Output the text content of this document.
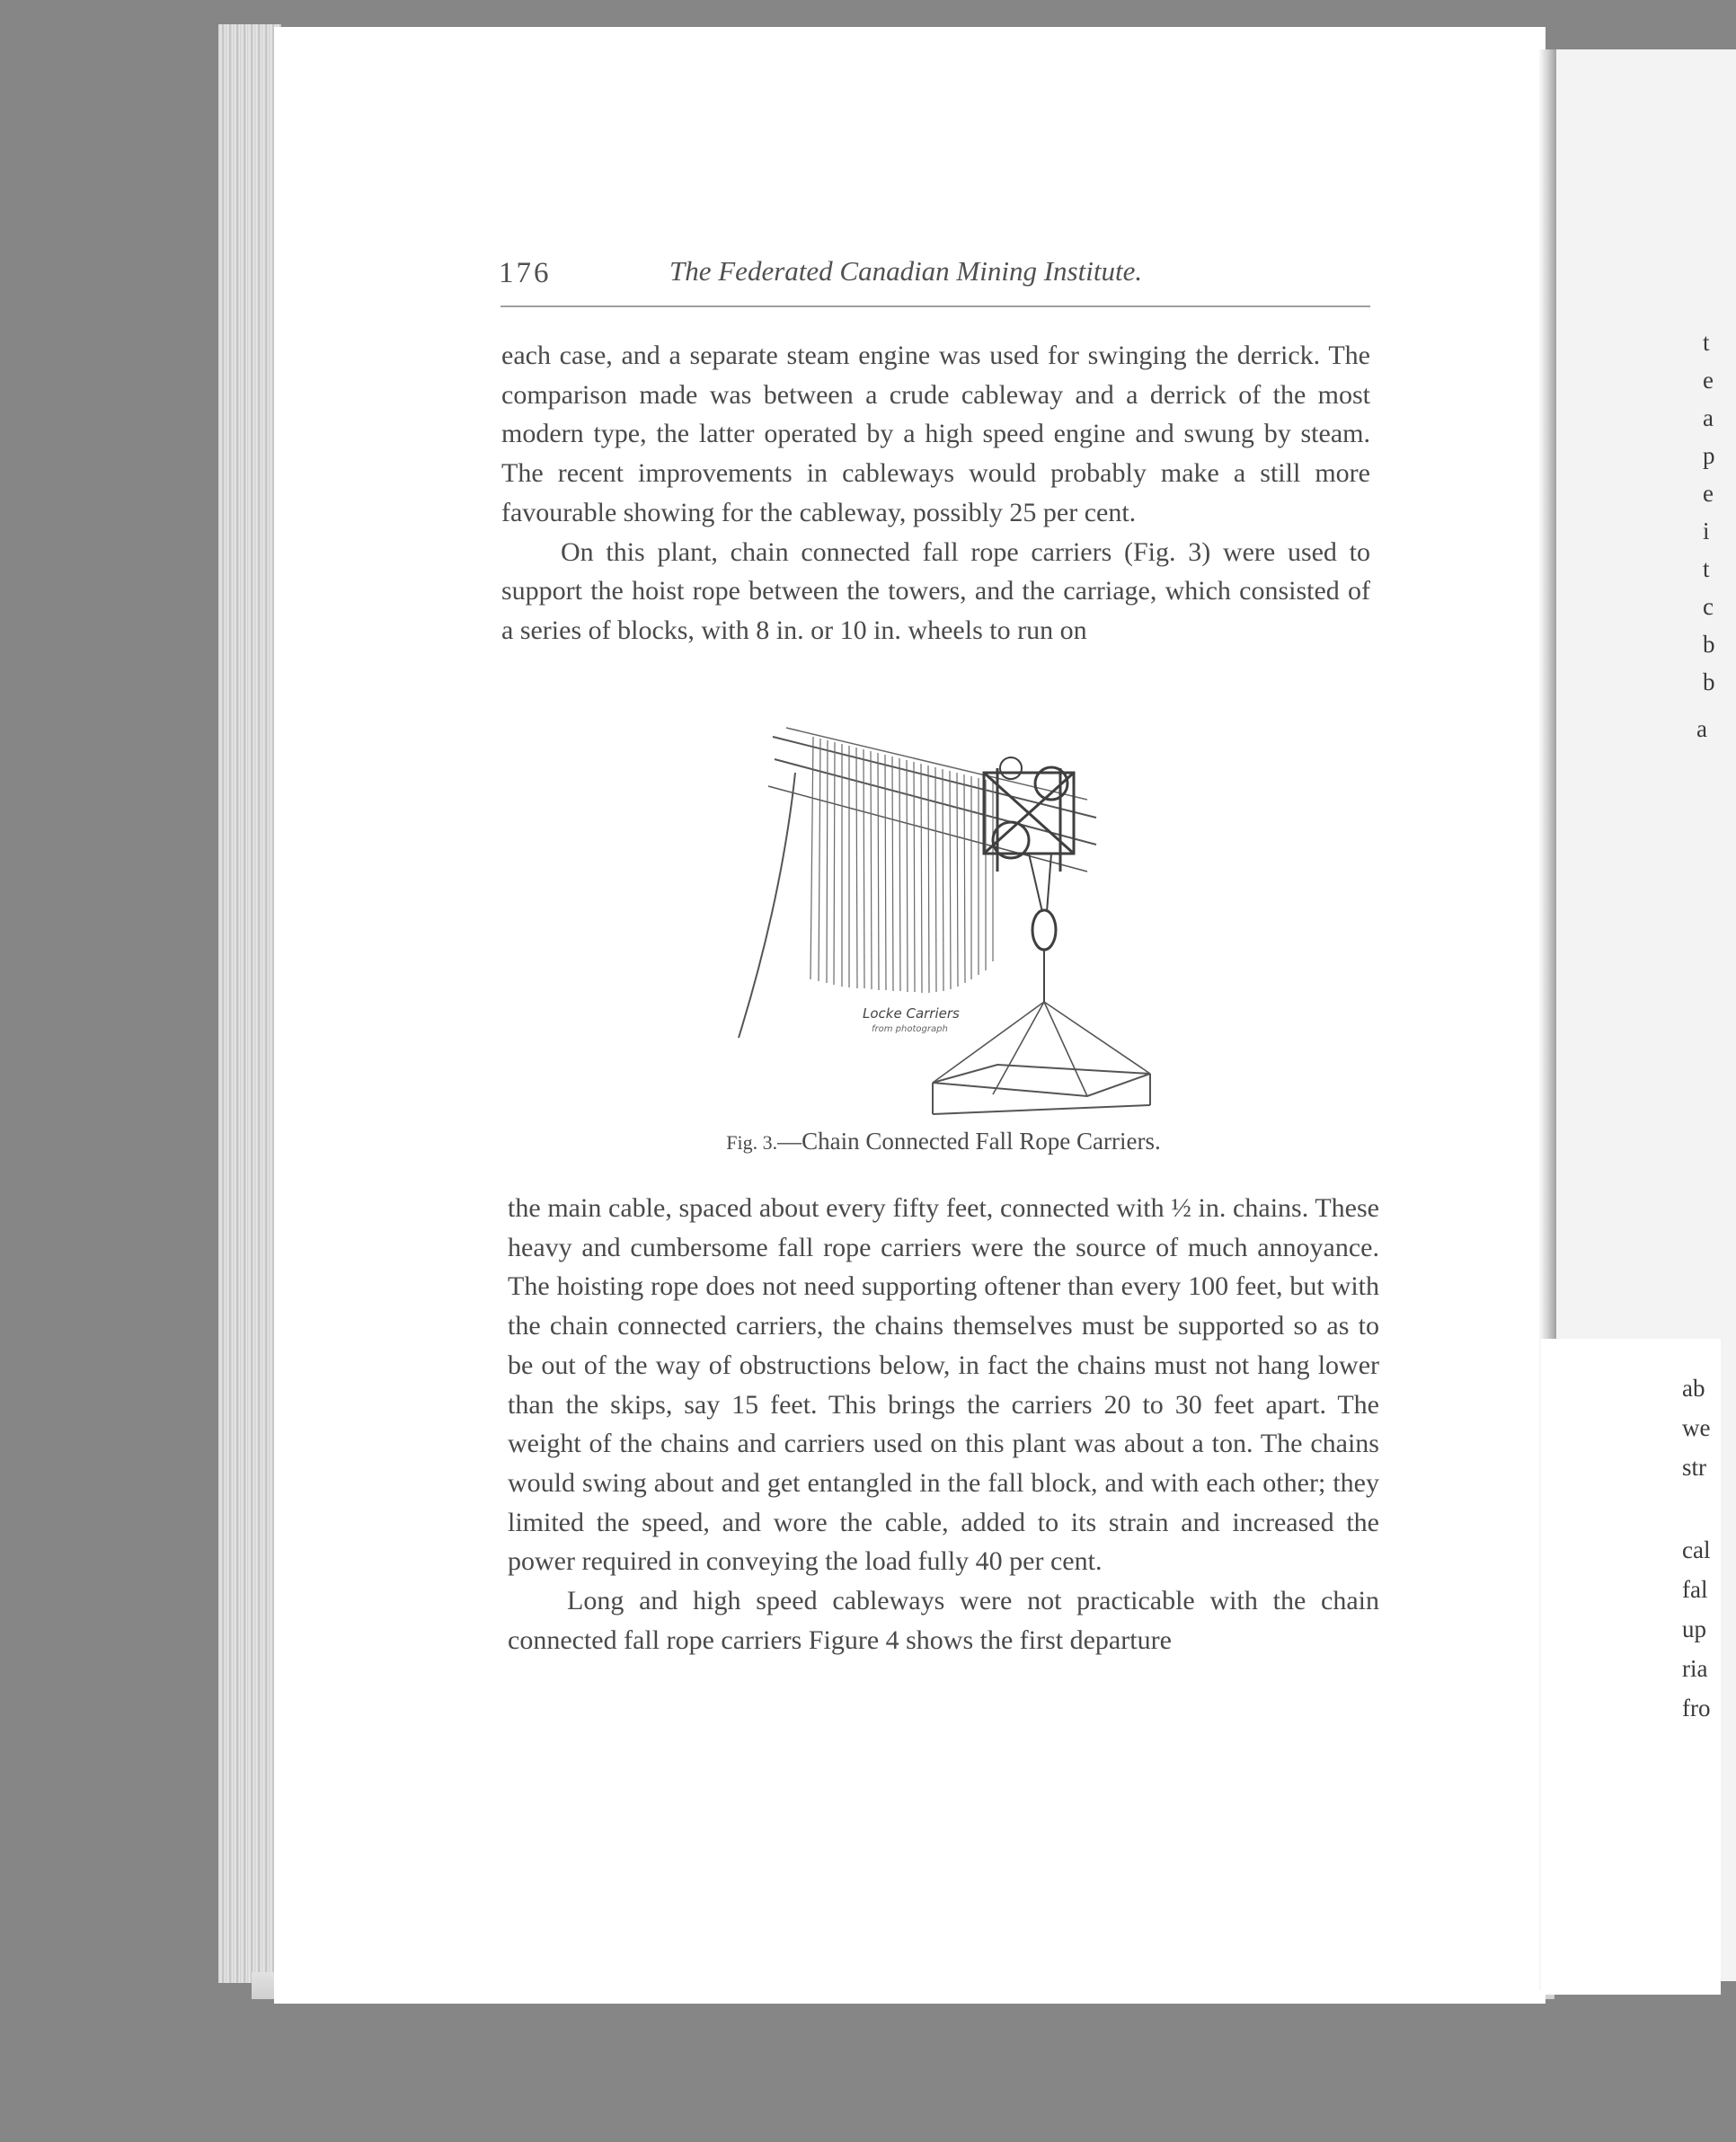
t
e
a
p
e
i
t
c
b
b
a
ab
we
str
cal
fal
up
ria
fro
176	The Federated Canadian Mining Institute.

each case, and a separate steam engine was used for swinging the derrick. The comparison made was between a crude cableway and a derrick of the most modern type, the latter operated by a high speed engine and swung by steam. The recent improvements in cableways would probably make a still more favourable showing for the cableway, possibly 25 per cent.

On this plant, chain connected fall rope carriers (Fig. 3) were used to support the hoist rope between the towers, and the carriage, which consisted of a series of blocks, with 8 in. or 10 in. wheels to run on

Locke Carriers
from photograph
Fig. 3.—Chain Connected Fall Rope Carriers.

the main cable, spaced about every fifty feet, connected with ½ in. chains. These heavy and cumbersome fall rope carriers were the source of much annoyance. The hoisting rope does not need supporting oftener than every 100 feet, but with the chain connected carriers, the chains themselves must be supported so as to be out of the way of obstructions below, in fact the chains must not hang lower than the skips, say 15 feet. This brings the carriers 20 to 30 feet apart. The weight of the chains and carriers used on this plant was about a ton. The chains would swing about and get entangled in the fall block, and with each other; they limited the speed, and wore the cable, added to its strain and increased the power required in conveying the load fully 40 per cent.

Long and high speed cableways were not practicable with the chain connected fall rope carriers Figure 4 shows the first departure
